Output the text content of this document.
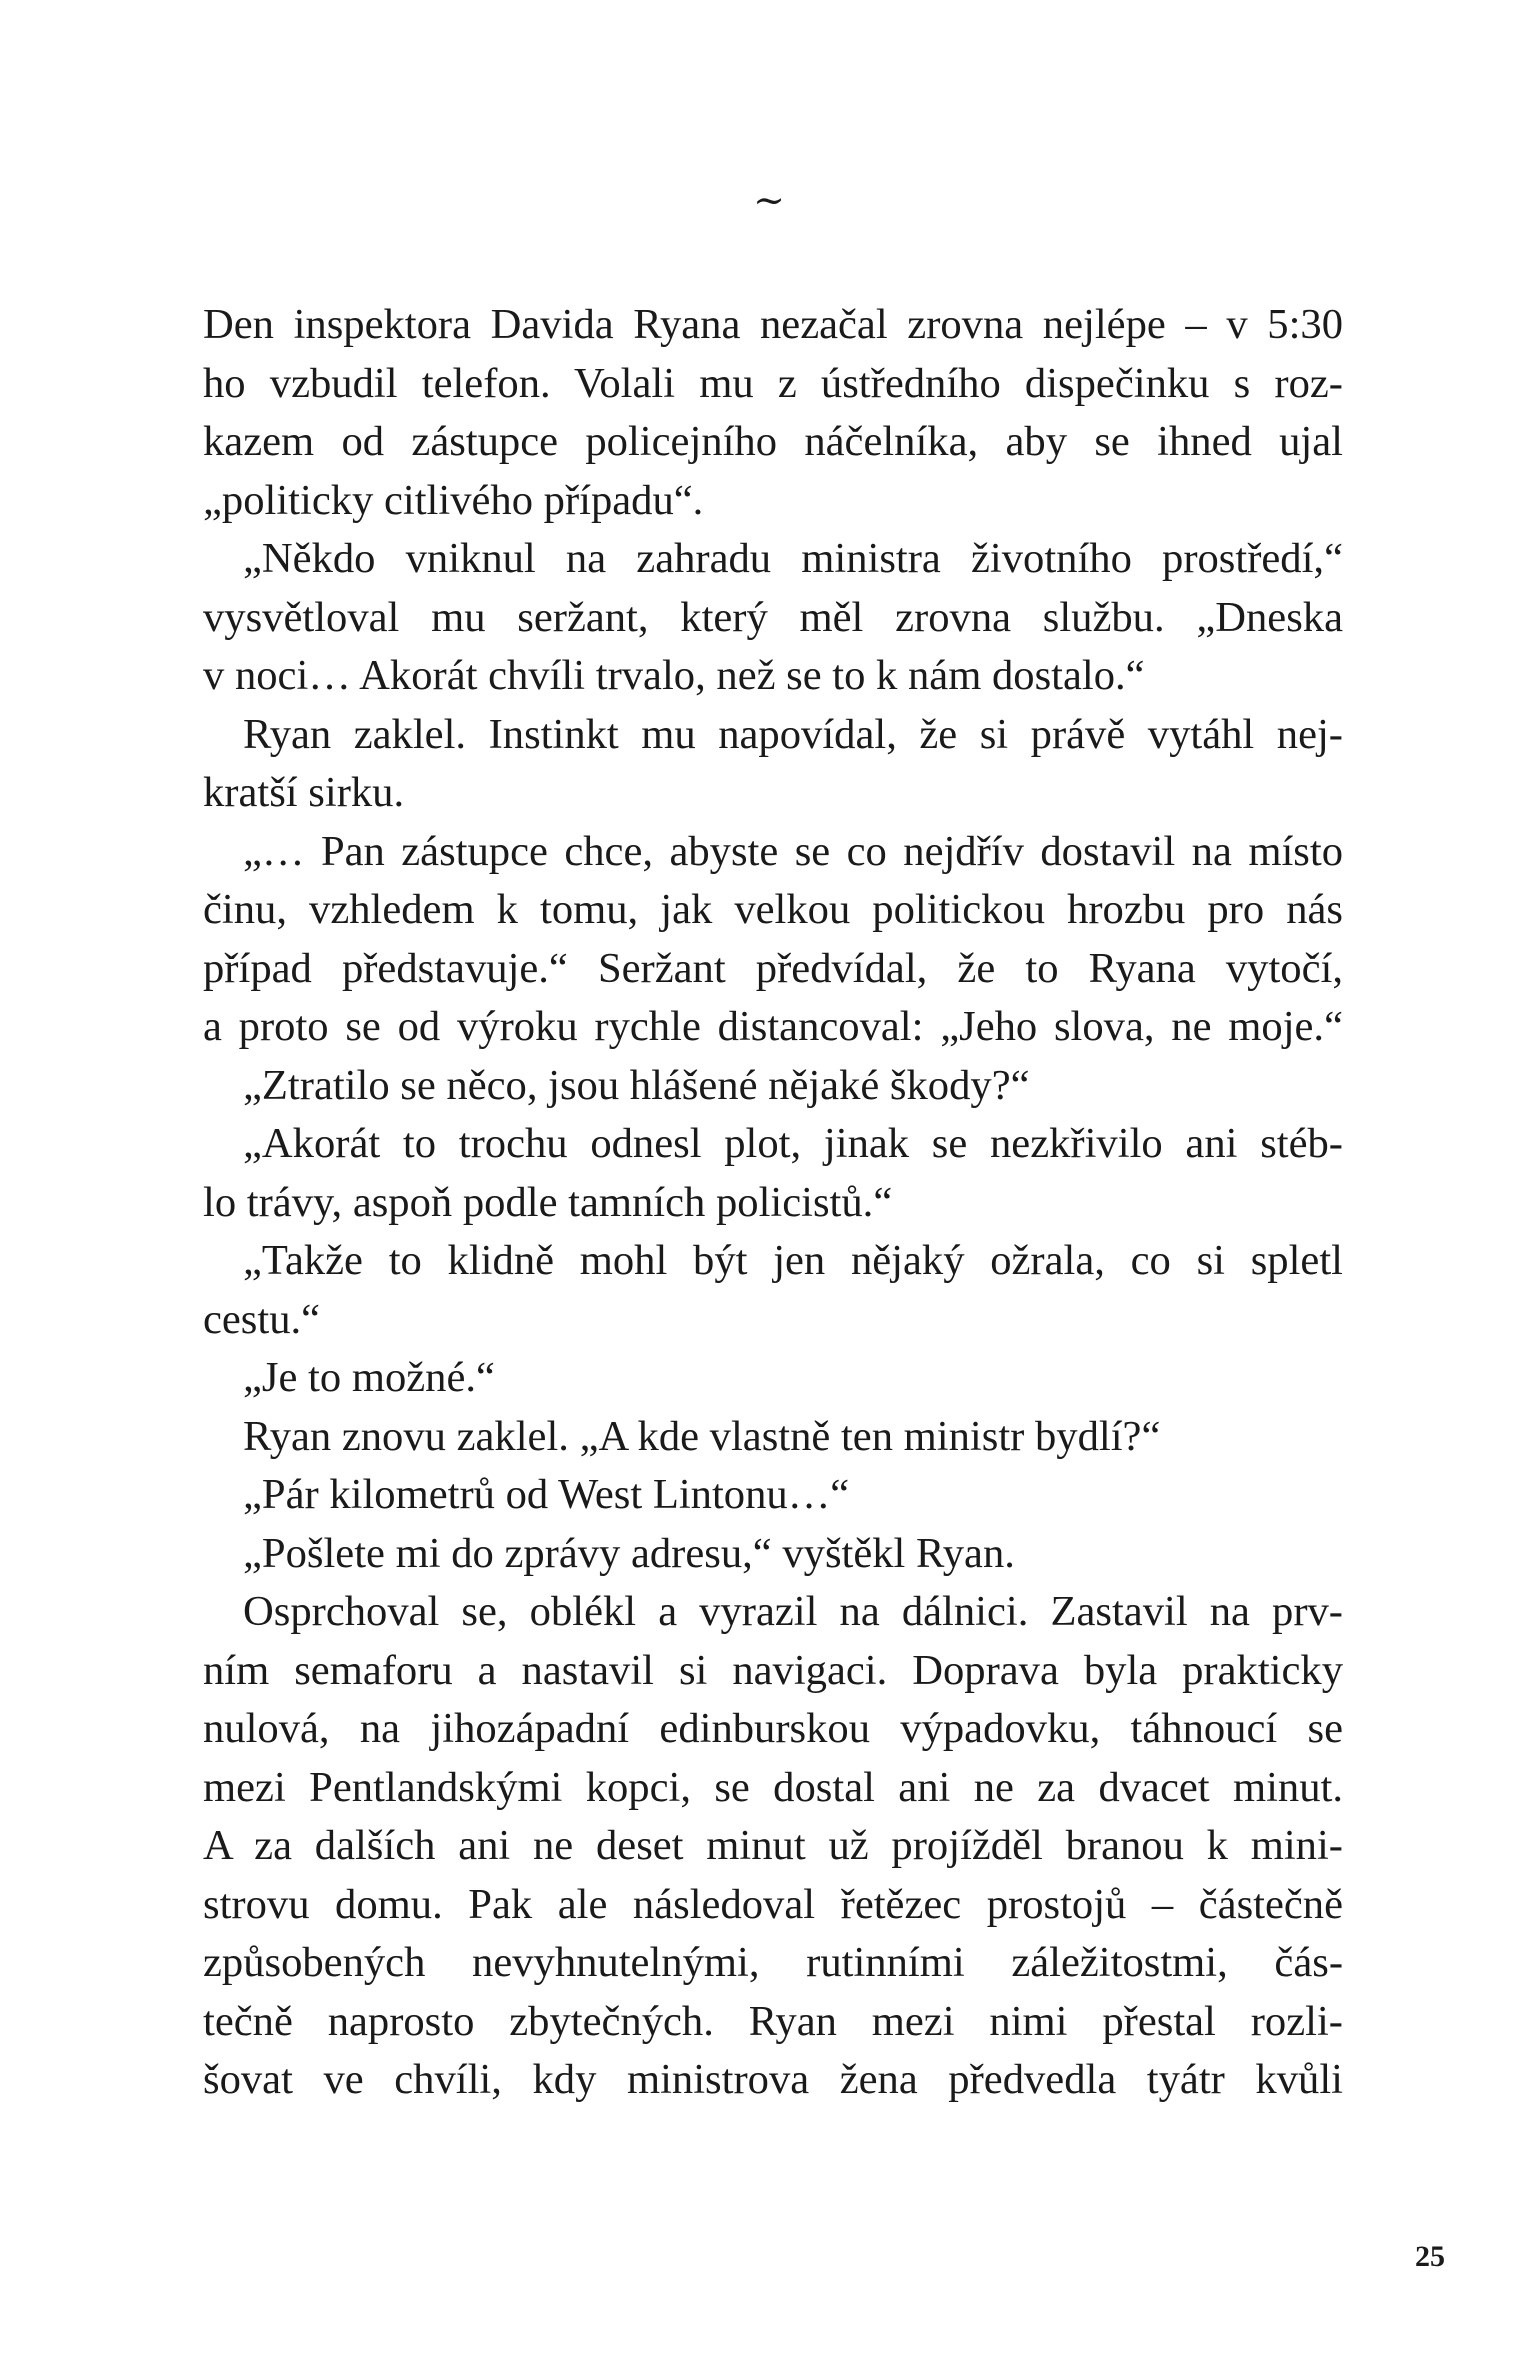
~
Den inspektora Davida Ryana nezačal zrovna nejlépe – v 5:30
ho vzbudil telefon. Volali mu z ústředního dispečinku s roz-
kazem od zástupce policejního náčelníka, aby se ihned ujal
„politicky citlivého případu“.
„Někdo vniknul na zahradu ministra životního prostředí,“
vysvětloval mu seržant, který měl zrovna službu. „Dneska
v noci… Akorát chvíli trvalo, než se to k nám dostalo.“
Ryan zaklel. Instinkt mu napovídal, že si právě vytáhl nej-
kratší sirku.
„… Pan zástupce chce, abyste se co nejdřív dostavil na místo
činu, vzhledem k tomu, jak velkou politickou hrozbu pro nás
případ představuje.“ Seržant předvídal, že to Ryana vytočí,
a proto se od výroku rychle distancoval: „Jeho slova, ne moje.“
„Ztratilo se něco, jsou hlášené nějaké škody?“
„Akorát to trochu odnesl plot, jinak se nezkřivilo ani stéb-
lo trávy, aspoň podle tamních policistů.“
„Takže to klidně mohl být jen nějaký ožrala, co si spletl
cestu.“
„Je to možné.“
Ryan znovu zaklel. „A kde vlastně ten ministr bydlí?“
„Pár kilometrů od West Lintonu…“
„Pošlete mi do zprávy adresu,“ vyštěkl Ryan.
Osprchoval se, oblékl a vyrazil na dálnici. Zastavil na prv-
ním semaforu a nastavil si navigaci. Doprava byla prakticky
nulová, na jihozápadní edinburskou výpadovku, táhnoucí se
mezi Pentlandskými kopci, se dostal ani ne za dvacet minut.
A za dalších ani ne deset minut už projížděl branou k mini-
strovu domu. Pak ale následoval řetězec prostojů – částečně
způsobených nevyhnutelnými, rutinními záležitostmi, čás-
tečně naprosto zbytečných. Ryan mezi nimi přestal rozli-
šovat ve chvíli, kdy ministrova žena předvedla tyátr kvůli
25
